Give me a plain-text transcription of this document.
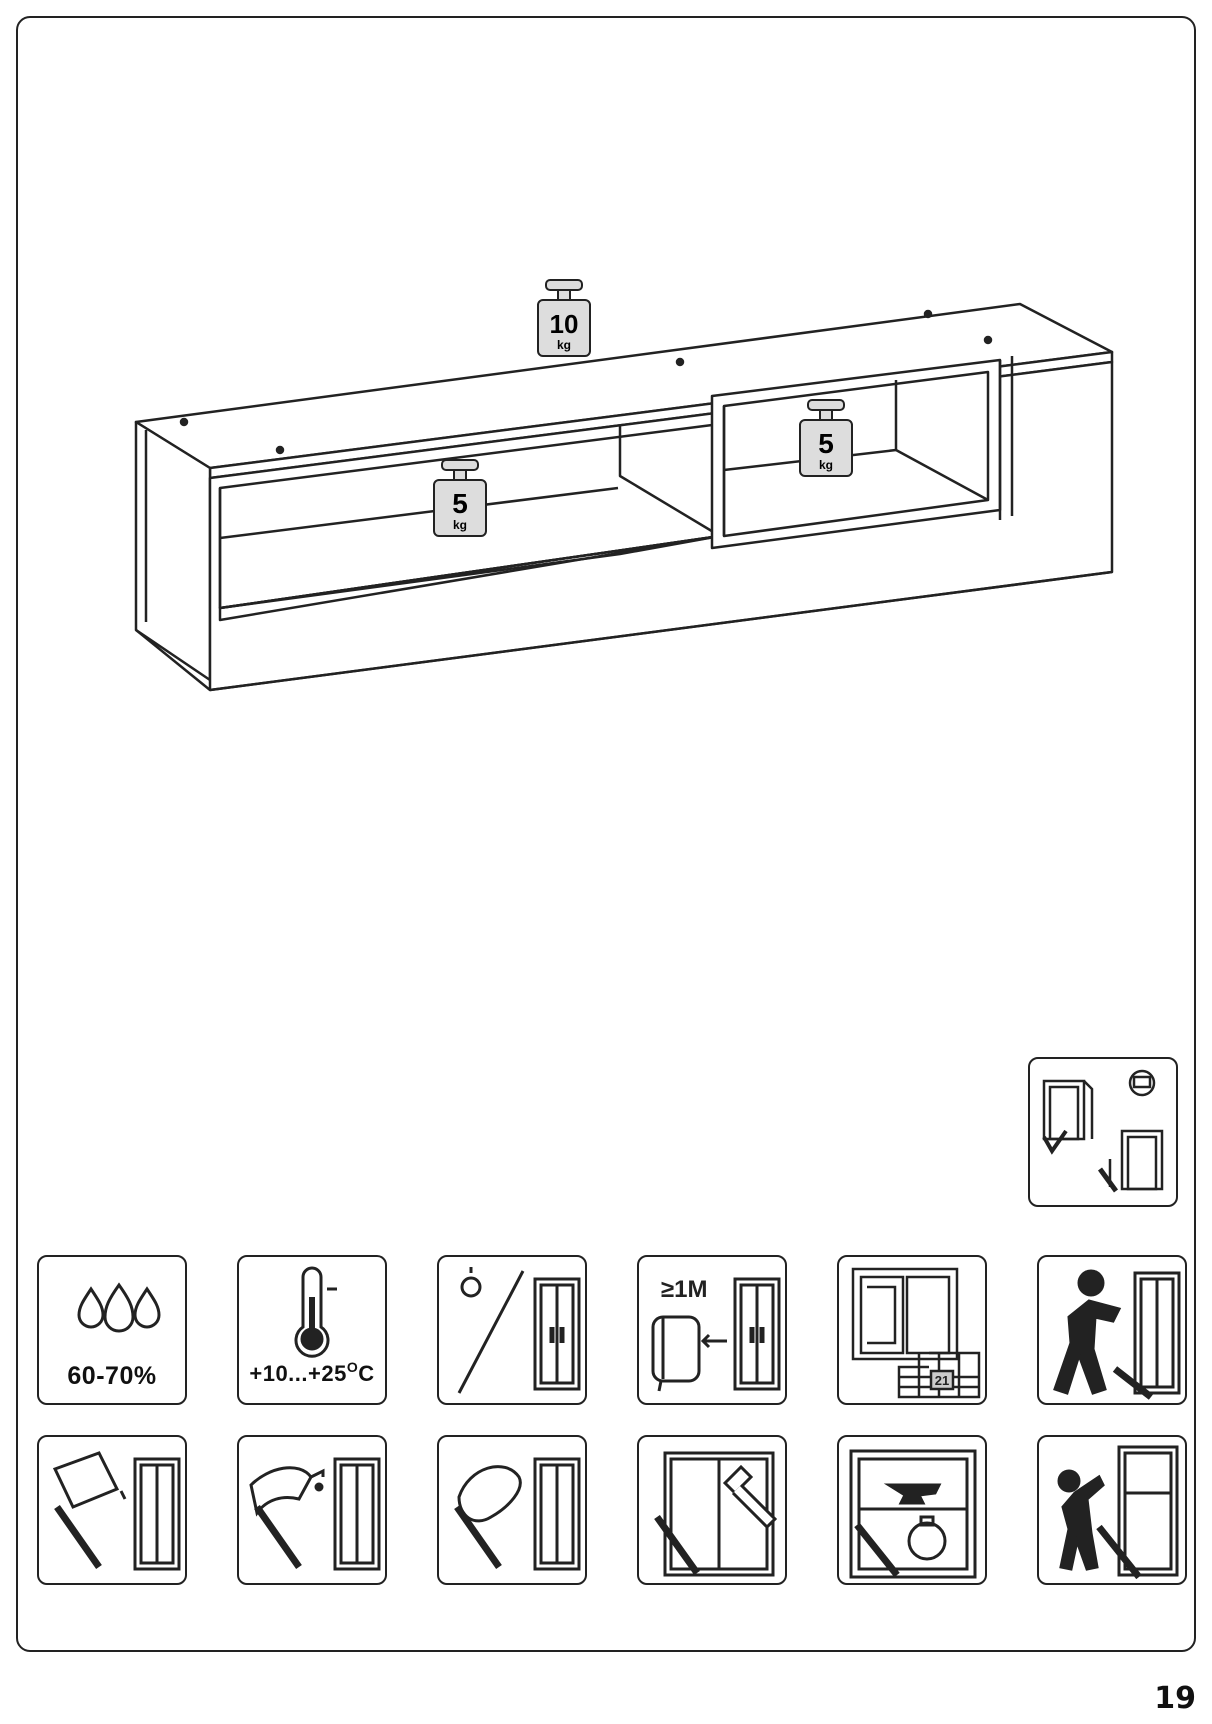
10
kg
5
kg
5
kg
60-70%	$+10...+25^OC$
≥1M
21
19
